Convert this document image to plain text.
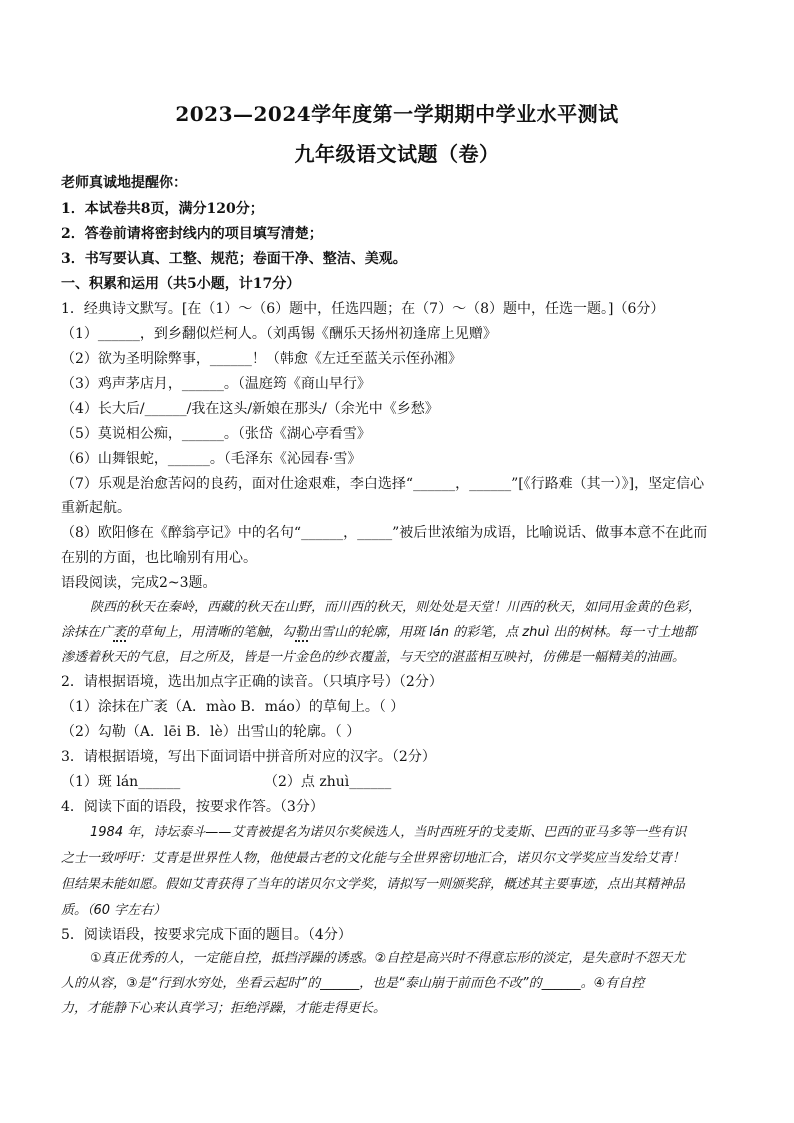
2023—2024学年度第一学期期中学业水平测试
九年级语文试题（卷）
老师真诚地提醒你：
1．本试卷共8页，满分120分；
2．答卷前请将密封线内的项目填写清楚；
3．书写要认真、工整、规范；卷面干净、整洁、美观。
一、积累和运用（共5小题，计17分）
1．经典诗文默写。[在（1）～（6）题中，任选四题；在（7）～（8）题中，任选一题。]（6分）
（1）______，到乡翻似烂柯人。（刘禹锡《酬乐天扬州初逢席上见赠》
（2）欲为圣明除弊事，______！（韩愈《左迁至蓝关示侄孙湘》
（3）鸡声茅店月，______。（温庭筠《商山早行》
（4）长大后/______/我在这头/新娘在那头/（余光中《乡愁》
（5）莫说相公痴，______。（张岱《湖心亭看雪》
（6）山舞银蛇，______。（毛泽东《沁园春·雪》
（7）乐观是治愈苦闷的良药，面对仕途艰难，李白选择“______，______”[《行路难（其一）》]，坚定信心
重新起航。
（8）欧阳修在《醉翁亭记》中的名句“______，_____”被后世浓缩为成语，比喻说话、做事本意不在此而
在别的方面，也比喻别有用心。
语段阅读，完成2~3题。
陕西的秋天在秦岭，西藏的秋天在山野，而川西的秋天，则处处是天堂！川西的秋天，如同用金黄的色彩，
涂抹在广袤的草甸上，用清晰的笔触，勾勒出雪山的轮廓，用斑 lán 的彩笔，点 zhuì 出的树林。每一寸土地都
渗透着秋天的气息，目之所及，皆是一片金色的纱衣覆盖，与天空的湛蓝相互映衬，仿佛是一幅精美的油画。
2．请根据语境，选出加点字正确的读音。（只填序号）（2分）
（1）涂抹在广袤（A．mào B．máo）的草甸上。（ ）
（2）勾勒（A．lēi B．lè）出雪山的轮廓。（ ）
3．请根据语境，写出下面词语中拼音所对应的汉字。（2分）
（1）斑 lán______	（2）点 zhuì______
4．阅读下面的语段，按要求作答。（3分）
1984 年，诗坛泰斗——艾青被提名为诺贝尔奖候选人，当时西班牙的戈麦斯、巴西的亚马多等一些有识
之士一致呼吁：艾青是世界性人物，他使最古老的文化能与全世界密切地汇合，诺贝尔文学奖应当发给艾青！
但结果未能如愿。假如艾青获得了当年的诺贝尔文学奖，请拟写一则颁奖辞，概述其主要事迹，点出其精神品
质。（60 字左右）
5．阅读语段，按要求完成下面的题目。（4分）
①真正优秀的人，一定能自控，抵挡浮躁的诱惑。②自控是高兴时不得意忘形的淡定，是失意时不怨天尤
人的从容，③是“行到水穷处，坐看云起时”的______，也是“泰山崩于前而色不改”的______。④有自控
力，才能静下心来认真学习；拒绝浮躁，才能走得更长。
